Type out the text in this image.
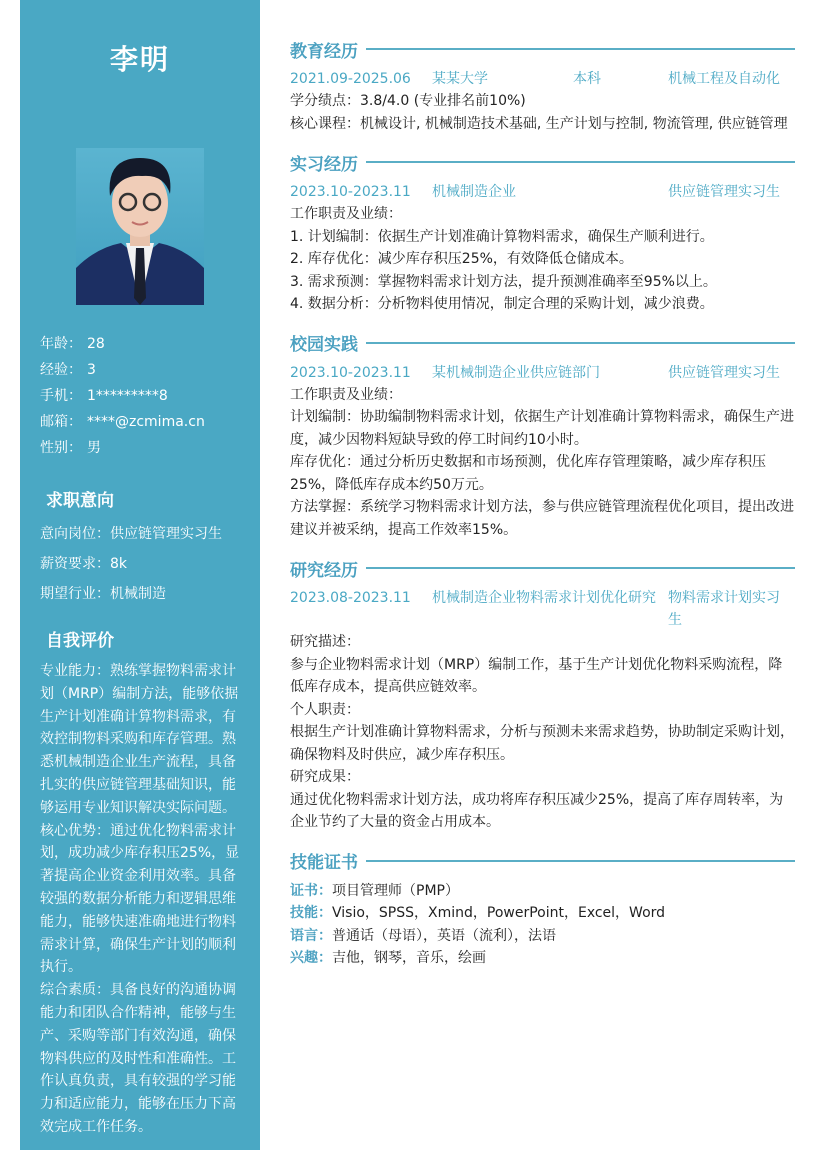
李明
年龄： 28
经验： 3
手机： 1*********8
邮箱： ****@zcmima.cn
性别： 男
求职意向
意向岗位：供应链管理实习生
薪资要求：8k
期望行业：机械制造
自我评价
专业能力：熟练掌握物料需求计划（MRP）编制方法，能够依据生产计划准确计算物料需求，有效控制物料采购和库存管理。熟悉机械制造企业生产流程，具备扎实的供应链管理基础知识，能够运用专业知识解决实际问题。
核心优势：通过优化物料需求计划，成功减少库存积压25%，显著提高企业资金利用效率。具备较强的数据分析能力和逻辑思维能力，能够快速准确地进行物料需求计算，确保生产计划的顺利执行。
综合素质：具备良好的沟通协调能力和团队合作精神，能够与生产、采购等部门有效沟通，确保物料供应的及时性和准确性。工作认真负责，具有较强的学习能力和适应能力，能够在压力下高效完成工作任务。
教育经历
2021.09-2025.06	某某大学	本科	机械工程及自动化
学分绩点：3.8/4.0 (专业排名前10%)
核心课程：机械设计, 机械制造技术基础, 生产计划与控制, 物流管理, 供应链管理
实习经历
2023.10-2023.11	机械制造企业	供应链管理实习生
工作职责及业绩：
1. 计划编制：依据生产计划准确计算物料需求，确保生产顺利进行。
2. 库存优化：减少库存积压25%，有效降低仓储成本。
3. 需求预测：掌握物料需求计划方法，提升预测准确率至95%以上。
4. 数据分析：分析物料使用情况，制定合理的采购计划，减少浪费。
校园实践
2023.10-2023.11	某机械制造企业供应链部门	供应链管理实习生
工作职责及业绩：
计划编制：协助编制物料需求计划，依据生产计划准确计算物料需求，确保生产进度，减少因物料短缺导致的停工时间约10小时。
库存优化：通过分析历史数据和市场预测，优化库存管理策略，减少库存积压25%，降低库存成本约50万元。
方法掌握：系统学习物料需求计划方法，参与供应链管理流程优化项目，提出改进建议并被采纳，提高工作效率15%。
研究经历
2023.08-2023.11	机械制造企业物料需求计划优化研究 物料需求计划实习生
研究描述：
参与企业物料需求计划（MRP）编制工作，基于生产计划优化物料采购流程，降低库存成本，提高供应链效率。
个人职责：
根据生产计划准确计算物料需求，分析与预测未来需求趋势，协助制定采购计划，确保物料及时供应，减少库存积压。
研究成果：
通过优化物料需求计划方法，成功将库存积压减少25%，提高了库存周转率，为企业节约了大量的资金占用成本。
技能证书
证书：项目管理师（PMP）
技能：Visio，SPSS，Xmind，PowerPoint，Excel，Word
语言：普通话（母语），英语（流利），法语
兴趣：吉他，钢琴，音乐，绘画
